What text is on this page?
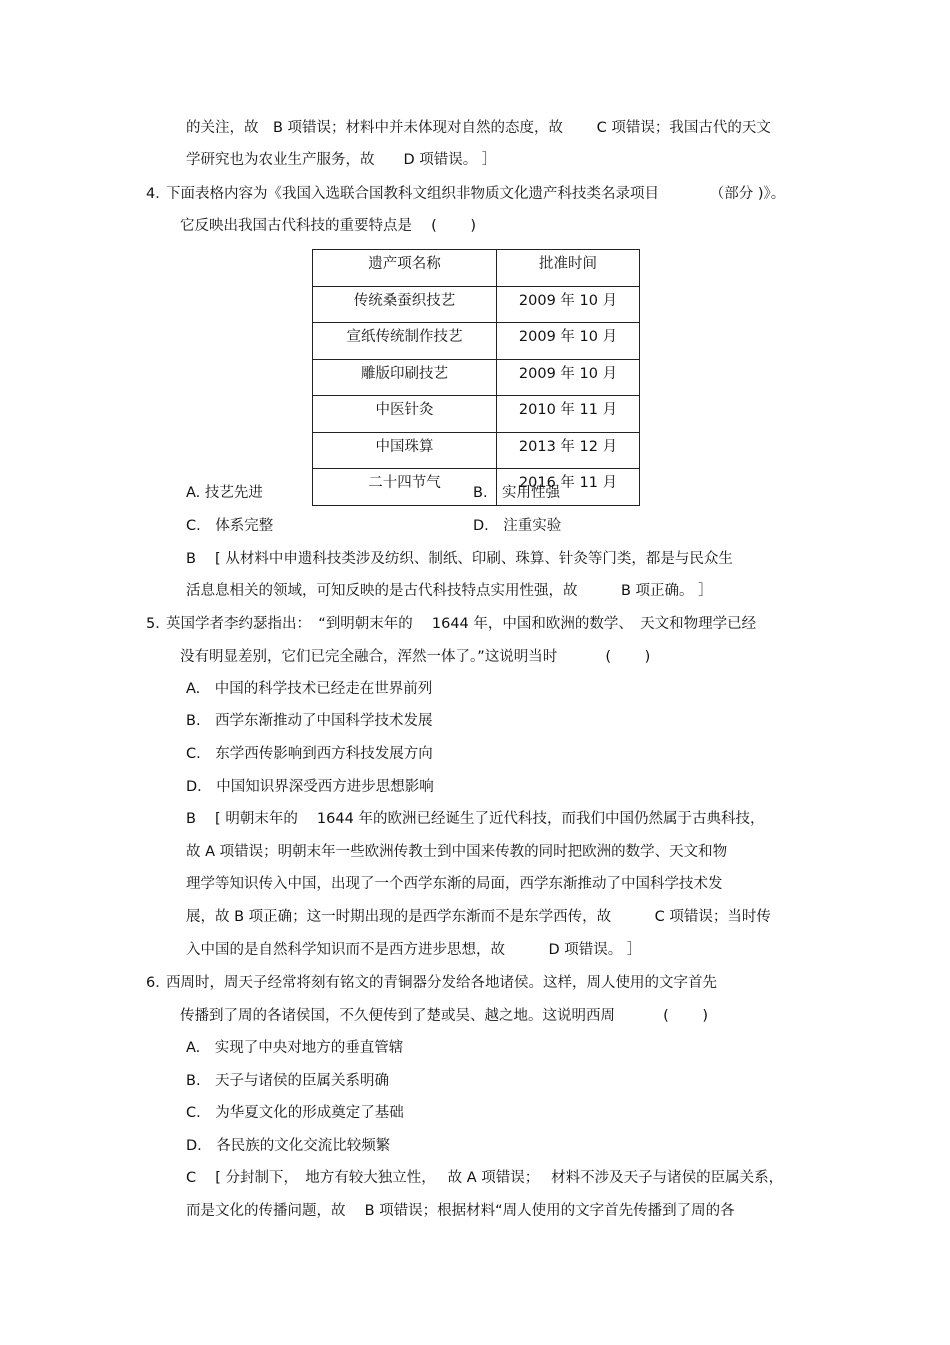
的关注，故　B 项错误；材料中并未体现对自然的态度，故　　 C 项错误；我国古代的天文
学研究也为农业生产服务，故　　D 项错误。 ］
4．
下面表格内容为《我国入选联合国教科文组织非物质文化遗产科技类名录项目　　　　（部分 )》。
它反映出我国古代科技的重要特点是　 (　　 )
遗产项名称	批准时间
传统桑蚕织技艺	2009 年 10 月
宣纸传统制作技艺	2009 年 10 月
雕版印刷技艺	2009 年 10 月
中医针灸	2010 年 11 月
中国珠算	2013 年 12 月
二十四节气	2016 年 11 月
A. 技艺先进	B.　实用性强
C.　体系完整	D.　注重实验
B　 [ 从材料中申遗科技类涉及纺织、制纸、印刷、珠算、针灸等门类，都是与民众生
活息息相关的领域，可知反映的是古代科技特点实用性强，故　　　B 项正确。 ］
5．
英国学者李约瑟指出：　“到明朝末年的　 1644 年，中国和欧洲的数学、　天文和物理学已经
没有明显差别，它们已完全融合，浑然一体了。”这说明当时　　　 (　　 )
A.　中国的科学技术已经走在世界前列
B.　西学东渐推动了中国科学技术发展
C.　东学西传影响到西方科技发展方向
D.　中国知识界深受西方进步思想影响
B　 [ 明朝末年的　 1644 年的欧洲已经诞生了近代科技，而我们中国仍然属于古典科技，
故 A 项错误；明朝末年一些欧洲传教士到中国来传教的同时把欧洲的数学、天文和物
理学等知识传入中国，出现了一个西学东渐的局面，西学东渐推动了中国科学技术发
展，故 B 项正确；这一时期出现的是西学东渐而不是东学西传，故　　　C 项错误；当时传
入中国的是自然科学知识而不是西方进步思想，故　　　D 项错误。 ］
6．
西周时，周天子经常将刻有铭文的青铜器分发给各地诸侯。这样，周人使用的文字首先
传播到了周的各诸侯国，不久便传到了楚或吴、越之地。这说明西周　　　 (　　 )
A.　实现了中央对地方的垂直管辖
B.　天子与诸侯的臣属关系明确
C.　为华夏文化的形成奠定了基础
D.　各民族的文化交流比较频繁
C　 [ 分封制下，　地方有较大独立性，　 故 A 项错误；　 材料不涉及天子与诸侯的臣属关系，
而是文化的传播问题，故　 B 项错误；根据材料“周人使用的文字首先传播到了周的各
